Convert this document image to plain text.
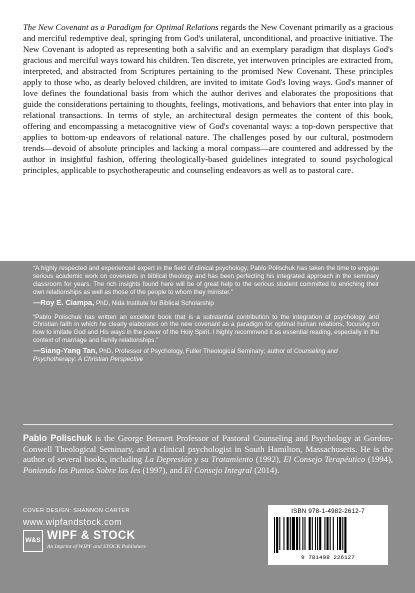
The New Covenant as a Paradigm for Optimal Relations regards the New Covenant primarily as a gracious and merciful redemptive deal, springing from God's unilateral, unconditional, and proactive initiative. The New Covenant is adopted as representing both a salvific and an exemplary paradigm that displays God's gracious and merciful ways toward his children. Ten discrete, yet interwoven principles are extracted from, interpreted, and abstracted from Scriptures pertaining to the promised New Covenant. These principles apply to those who, as dearly beloved children, are invited to imitate God's loving ways. God's manner of love defines the foundational basis from which the author derives and elaborates the propositions that guide the considerations pertaining to thoughts, feelings, motivations, and behaviors that enter into play in relational transactions. In terms of style, an architectural design permeates the content of this book, offering and encompassing a metacognitive view of God's covenantal ways: a top-down perspective that applies to bottom-up endeavors of relational nature. The challenges posed by our cultural, postmodern trends—devoid of absolute principles and lacking a moral compass—are countered and addressed by the author in insightful fashion, offering theologically-based guidelines integrated to sound psychological principles, applicable to psychotherapeutic and counseling endeavors as well as to pastoral care.

“A highly respected and experienced expert in the field of clinical psychology, Pablo Polischuk has taken the time to engage serious academic work on covenants in biblical theology and has been perfecting his integrated approach in the seminary classroom for years. The rich insights found here will be of great help to the serious student committed to enriching their own relationships as well as those of the people to whom they minister.”

—Roy E. Ciampa, PhD, Nida Institute for Biblical Scholarship

“Pablo Polischuk has written an excellent book that is a substantial contribution to the integration of psychology and Christian faith in which he clearly elaborates on the new covenant as a paradigm for optimal human relations, focusing on how to imitate God and His ways in the power of the Holy Spirit. I highly recommend it as essential reading, especially in the context of marriage and family relationships.”

—Siang-Yang Tan, PhD, Professor of Psychology, Fuller Theological Seminary; author of Counseling and Psychotherapy: A Christian Perspective

Pablo Polischuk is the George Bennett Professor of Pastoral Counseling and Psychology at Gordon-Conwell Theological Seminary, and a clinical psychologist in South Hamilton, Massachusetts. He is the author of several books, including La Depresión y su Tratamiento (1992), El Consejo Terapéutico (1994), Poniendo los Puntos Sobre las Íes (1997), and El Consejo Integral (2014).

COVER DESIGN: SHANNON CARTER
www.wipfandstock.com
W&S WIPF & STOCK
An Imprint of WIPF and STOCK Publishers

ISBN 978-1-4982-2612-7

9 781498 226127
